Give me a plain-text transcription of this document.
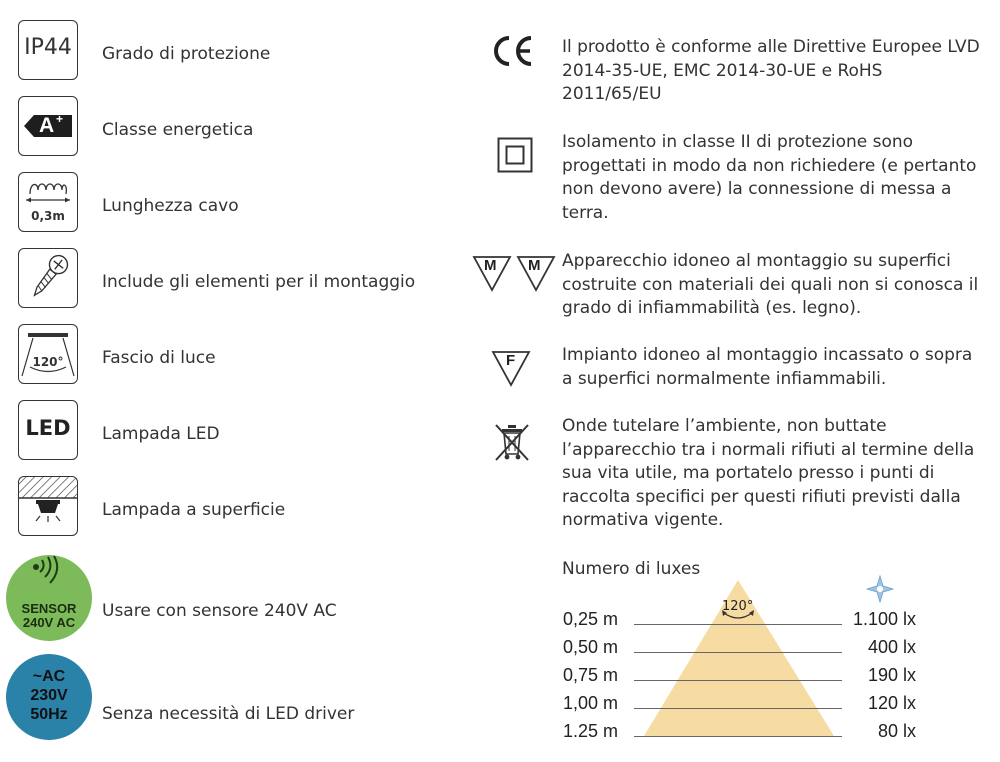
IP44	Grado di protezione
A +
Classe energetica
0,3m	Lunghezza cavo
Include gli elementi per il montaggio
120°	Fascio di luce
LED	Lampada LED
Lampada a superficie
SENSOR
240V AC
Usare con sensore 240V AC
~AC
230V
50Hz	Senza necessità di LED driver
Il prodotto è conforme alle Direttive Europee LVD 2014-35-UE, EMC 2014-30-UE e RoHS 2011/65/EU
Isolamento in classe II di protezione sono progettati in modo da non richiedere (e pertanto non devono avere) la connessione di messa a terra.
M M Apparecchio idoneo al montaggio su superfici costruite con materiali dei quali non si conosca il grado di infiammabilità (es. legno).
F	Impianto idoneo al montaggio incassato o sopra a superfici normalmente infiammabili.
Onde tutelare l’ambiente, non buttate l’apparecchio tra i normali rifiuti al termine della sua vita utile, ma portatelo presso i punti di raccolta specifici per questi rifiuti previsti dalla normativa vigente.
Numero di luxes
120°
0,25 m	1.100 lx
0,50 m	400 lx
0,75 m	190 lx
1,00 m	120 lx
1.25 m	80 lx
